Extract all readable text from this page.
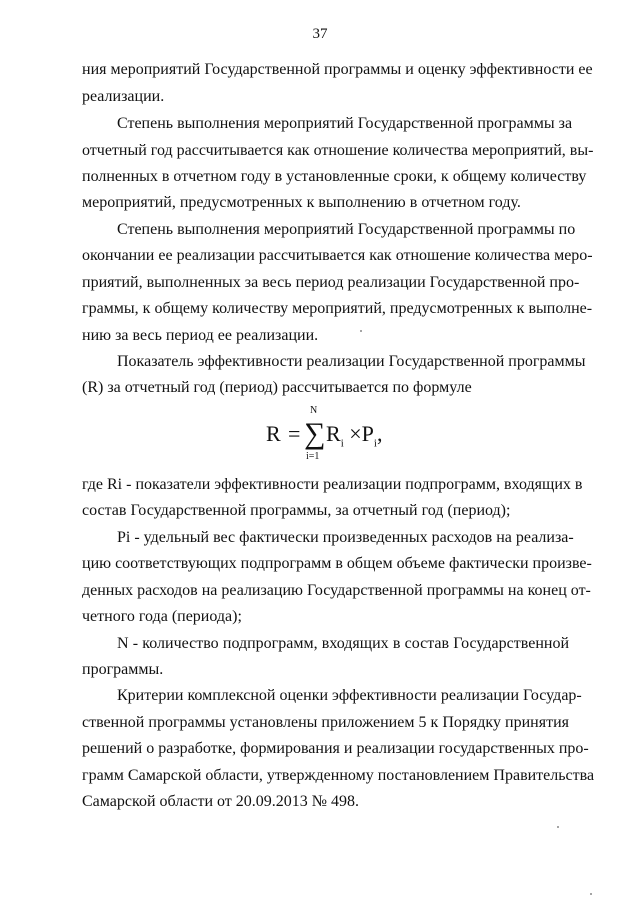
37
ния мероприятий Государственной программы и оценку эффективности ее
реализации.
Степень выполнения мероприятий Государственной программы за
отчетный год рассчитывается как отношение количества мероприятий, вы-
полненных в отчетном году в установленные сроки, к общему количеству
мероприятий, предусмотренных к выполнению в отчетном году.
Степень выполнения мероприятий Государственной программы по
окончании ее реализации рассчитывается как отношение количества меро-
приятий, выполненных за весь период реализации Государственной про-
граммы, к общему количеству мероприятий, предусмотренных к выполне-
нию за весь период ее реализации.
Показатель эффективности реализации Государственной программы
(R) за отчетный год (период) рассчитывается по формуле
R = ∑
N
i=1
$R_i \times P_i$,
где Ri - показатели эффективности реализации подпрограмм, входящих в
состав Государственной программы, за отчетный год (период);
Pi - удельный вес фактически произведенных расходов на реализа-
цию соответствующих подпрограмм в общем объеме фактически произве-
денных расходов на реализацию Государственной программы на конец от-
четного года (периода);
N - количество подпрограмм, входящих в состав Государственной
программы.
Критерии комплексной оценки эффективности реализации Государ-
ственной программы установлены приложением 5 к Порядку принятия
решений о разработке, формирования и реализации государственных про-
грамм Самарской области, утвержденному постановлением Правительства
Самарской области от 20.09.2013 № 498.
